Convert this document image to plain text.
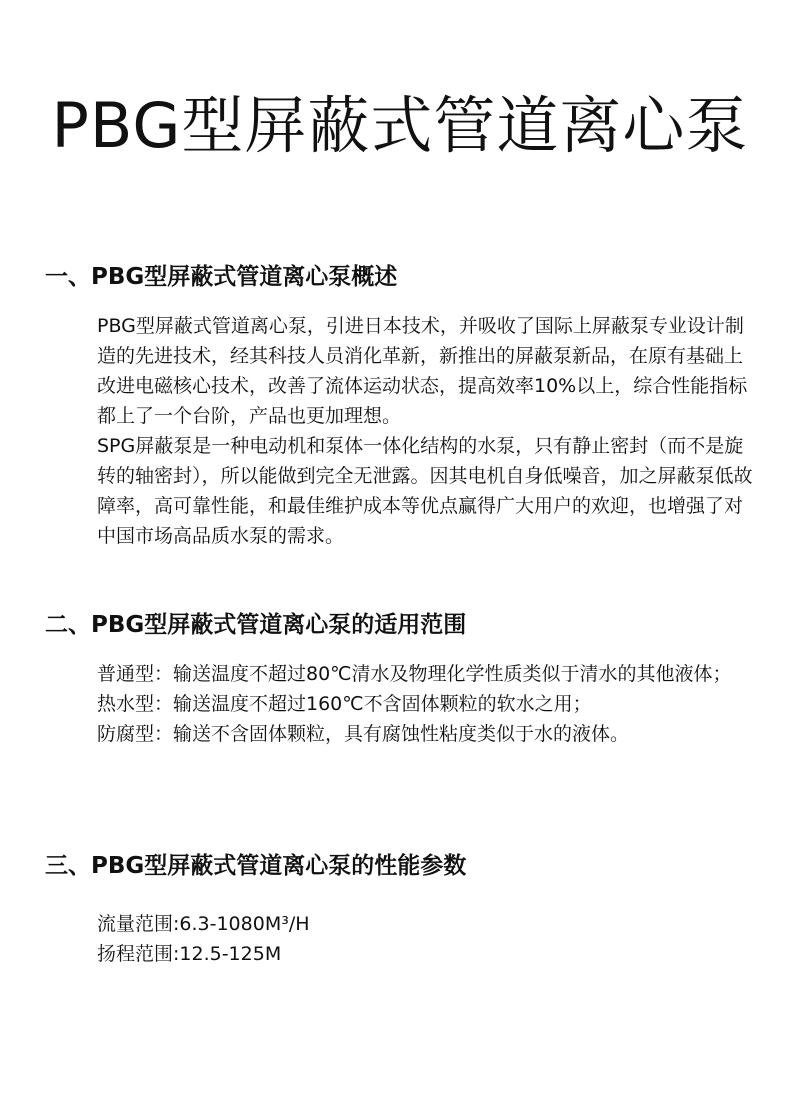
PBG型屏蔽式管道离心泵
一、PBG型屏蔽式管道离心泵概述

PBG型屏蔽式管道离心泵，引进日本技术，并吸收了国际上屏蔽泵专业设计制造的先进技术，经其科技人员消化革新，新推出的屏蔽泵新品，在原有基础上改进电磁核心技术，改善了流体运动状态，提高效率10%以上，综合性能指标都上了一个台阶，产品也更加理想。

SPG屏蔽泵是一种电动机和泵体一体化结构的水泵，只有静止密封（而不是旋转的轴密封），所以能做到完全无泄露。因其电机自身低噪音，加之屏蔽泵低故障率，高可靠性能，和最佳维护成本等优点赢得广大用户的欢迎，也增强了对中国市场高品质水泵的需求。

二、PBG型屏蔽式管道离心泵的适用范围

普通型：输送温度不超过80℃清水及物理化学性质类似于清水的其他液体；

热水型：输送温度不超过160℃不含固体颗粒的软水之用；

防腐型：输送不含固体颗粒，具有腐蚀性粘度类似于水的液体。

三、PBG型屏蔽式管道离心泵的性能参数

流量范围:6.3-1080M³/H

扬程范围:12.5-125M
